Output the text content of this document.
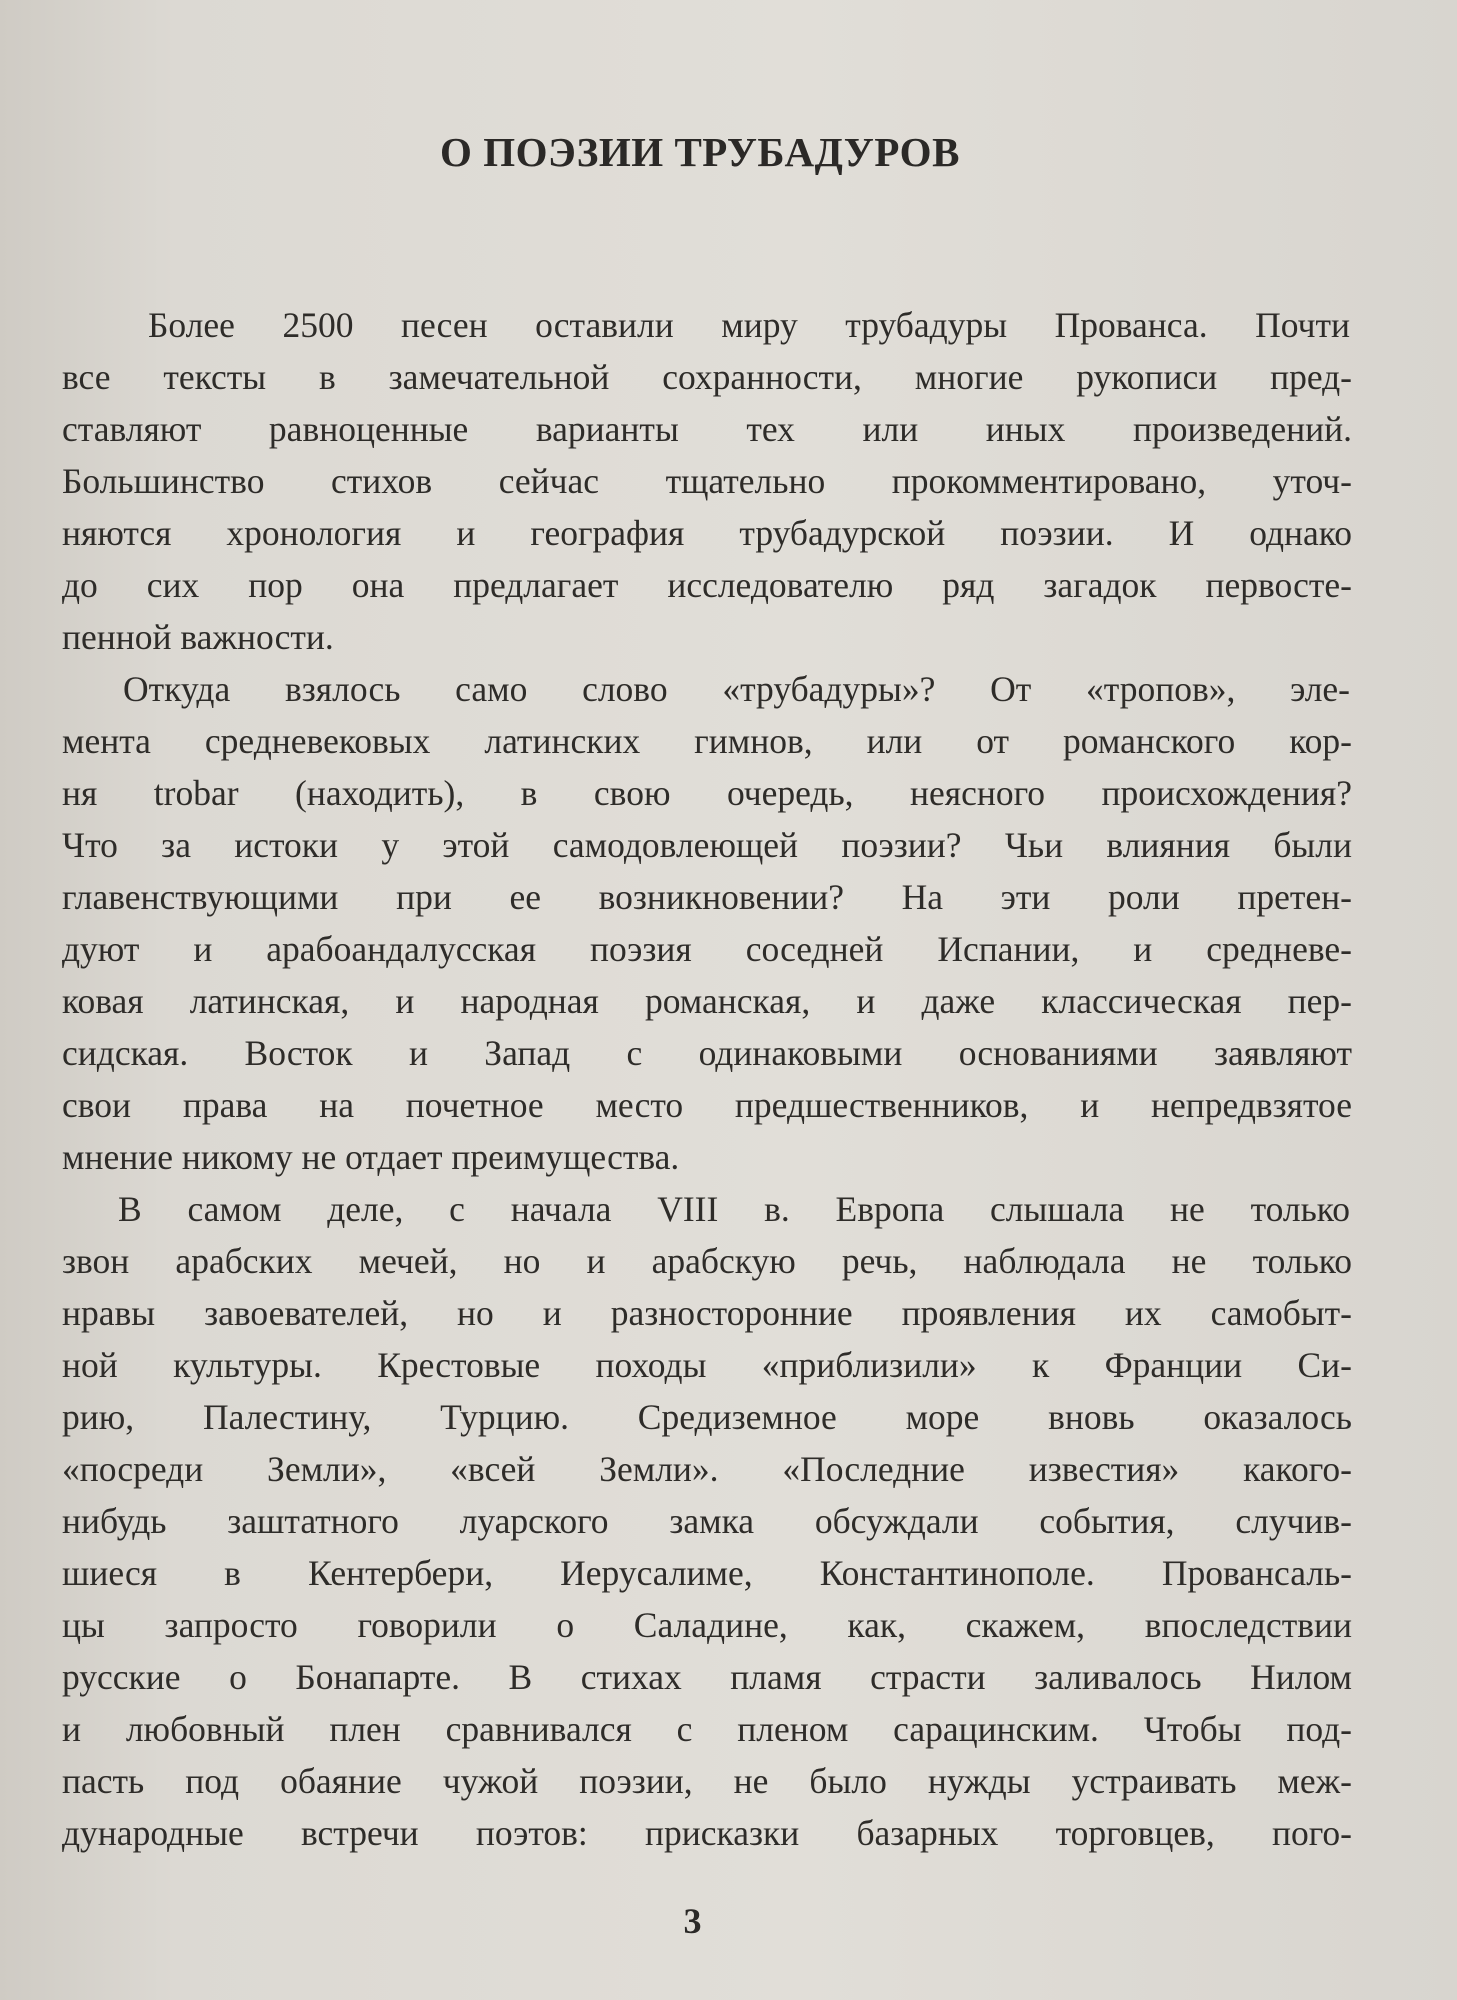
О ПОЭЗИИ ТРУБАДУРОВ
Более 2500 песен оставили миру трубадуры Прованса. Почти
все тексты в замечательной сохранности, многие рукописи пред-
ставляют равноценные варианты тех или иных произведений.
Большинство стихов сейчас тщательно прокомментировано, уточ-
няются хронология и география трубадурской поэзии. И однако
до сих пор она предлагает исследователю ряд загадок первосте-
пенной важности.
Откуда взялось само слово «трубадуры»? От «тропов», эле-
мента средневековых латинских гимнов, или от романского кор-
ня trobar (находить), в свою очередь, неясного происхождения?
Что за истоки у этой самодовлеющей поэзии? Чьи влияния были
главенствующими при ее возникновении? На эти роли претен-
дуют и арабоандалусская поэзия соседней Испании, и средневе-
ковая латинская, и народная романская, и даже классическая пер-
сидская. Восток и Запад с одинаковыми основаниями заявляют
свои права на почетное место предшественников, и непредвзятое
мнение никому не отдает преимущества.
В самом деле, с начала VIII в. Европа слышала не только
звон арабских мечей, но и арабскую речь, наблюдала не только
нравы завоевателей, но и разносторонние проявления их самобыт-
ной культуры. Крестовые походы «приблизили» к Франции Си-
рию, Палестину, Турцию. Средиземное море вновь оказалось
«посреди Земли», «всей Земли». «Последние известия» какого-
нибудь заштатного луарского замка обсуждали события, случив-
шиеся в Кентербери, Иерусалиме, Константинополе. Провансаль-
цы запросто говорили о Саладине, как, скажем, впоследствии
русские о Бонапарте. В стихах пламя страсти заливалось Нилом
и любовный плен сравнивался с пленом сарацинским. Чтобы под-
пасть под обаяние чужой поэзии, не было нужды устраивать меж-
дународные встречи поэтов: присказки базарных торговцев, пого-
3
